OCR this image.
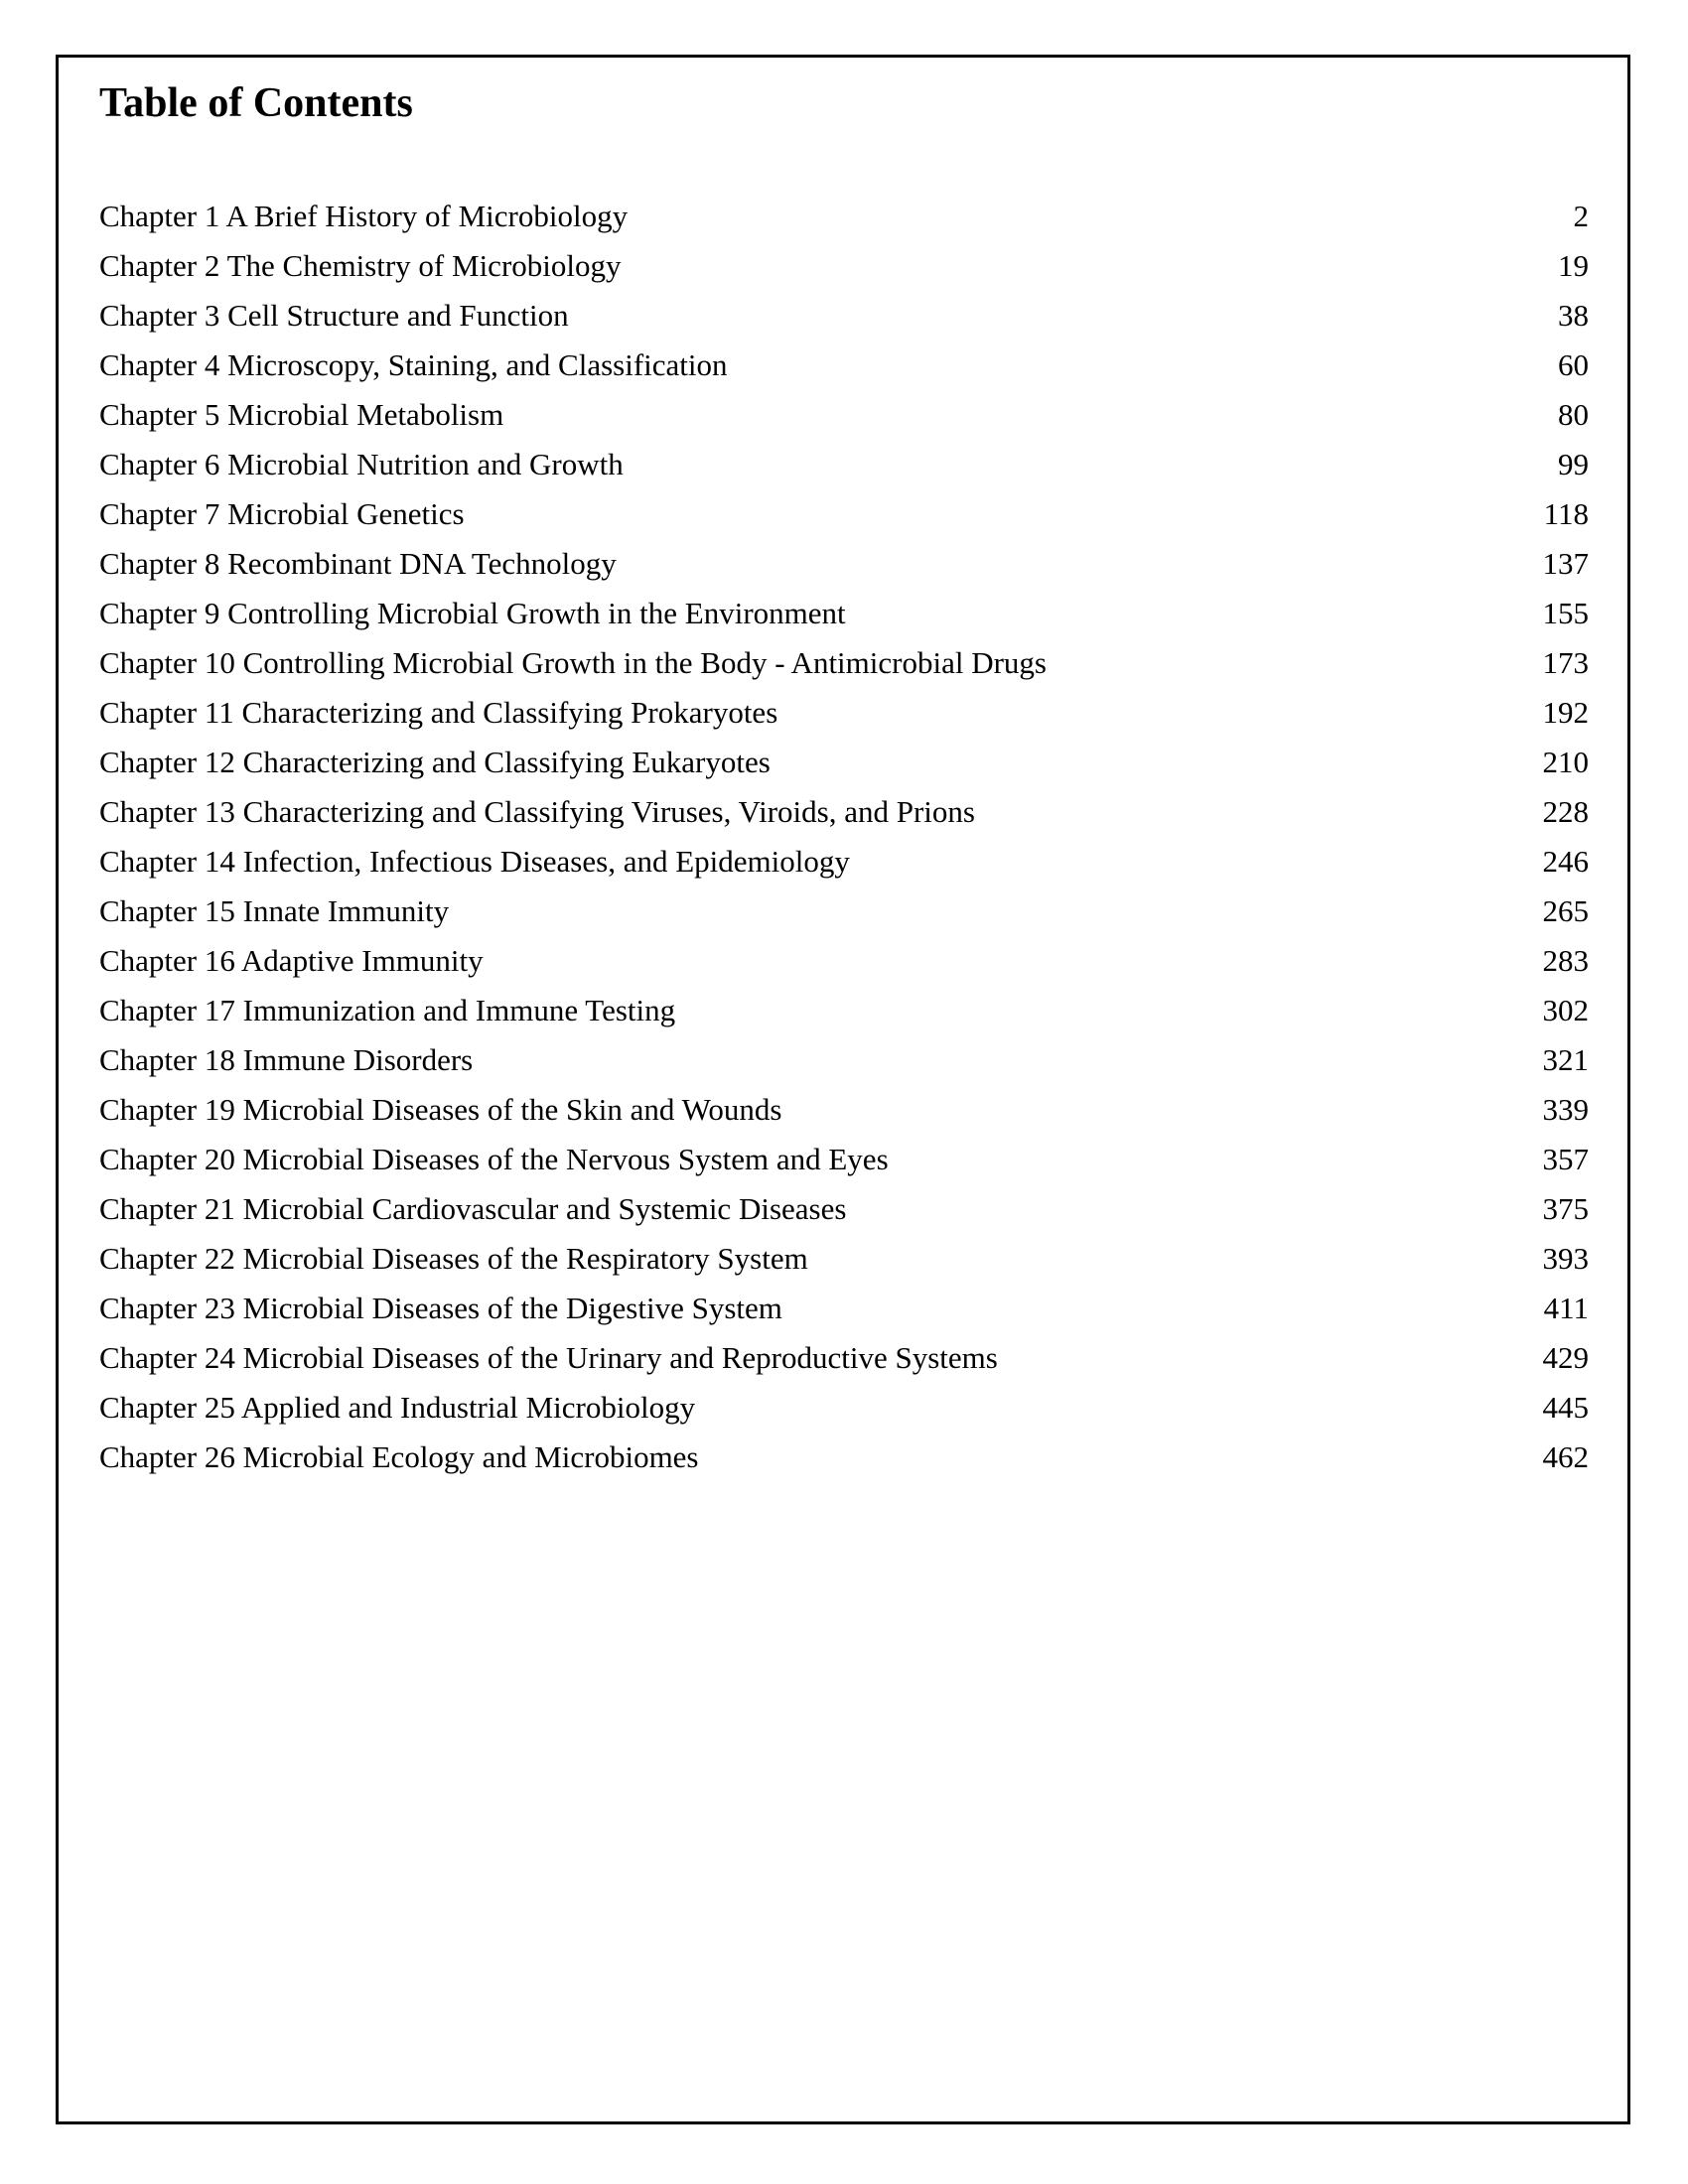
Table of Contents
Chapter 1 A Brief History of Microbiology	2
Chapter 2 The Chemistry of Microbiology	19
Chapter 3 Cell Structure and Function	38
Chapter 4 Microscopy, Staining, and Classification	60
Chapter 5 Microbial Metabolism	80
Chapter 6 Microbial Nutrition and Growth	99
Chapter 7 Microbial Genetics	118
Chapter 8 Recombinant DNA Technology	137
Chapter 9 Controlling Microbial Growth in the Environment	155
Chapter 10 Controlling Microbial Growth in the Body - Antimicrobial Drugs	173
Chapter 11 Characterizing and Classifying Prokaryotes	192
Chapter 12 Characterizing and Classifying Eukaryotes	210
Chapter 13 Characterizing and Classifying Viruses, Viroids, and Prions	228
Chapter 14 Infection, Infectious Diseases, and Epidemiology	246
Chapter 15 Innate Immunity	265
Chapter 16 Adaptive Immunity	283
Chapter 17 Immunization and Immune Testing	302
Chapter 18 Immune Disorders	321
Chapter 19 Microbial Diseases of the Skin and Wounds	339
Chapter 20 Microbial Diseases of the Nervous System and Eyes	357
Chapter 21 Microbial Cardiovascular and Systemic Diseases	375
Chapter 22 Microbial Diseases of the Respiratory System	393
Chapter 23 Microbial Diseases of the Digestive System	411
Chapter 24 Microbial Diseases of the Urinary and Reproductive Systems	429
Chapter 25 Applied and Industrial Microbiology	445
Chapter 26 Microbial Ecology and Microbiomes	462
